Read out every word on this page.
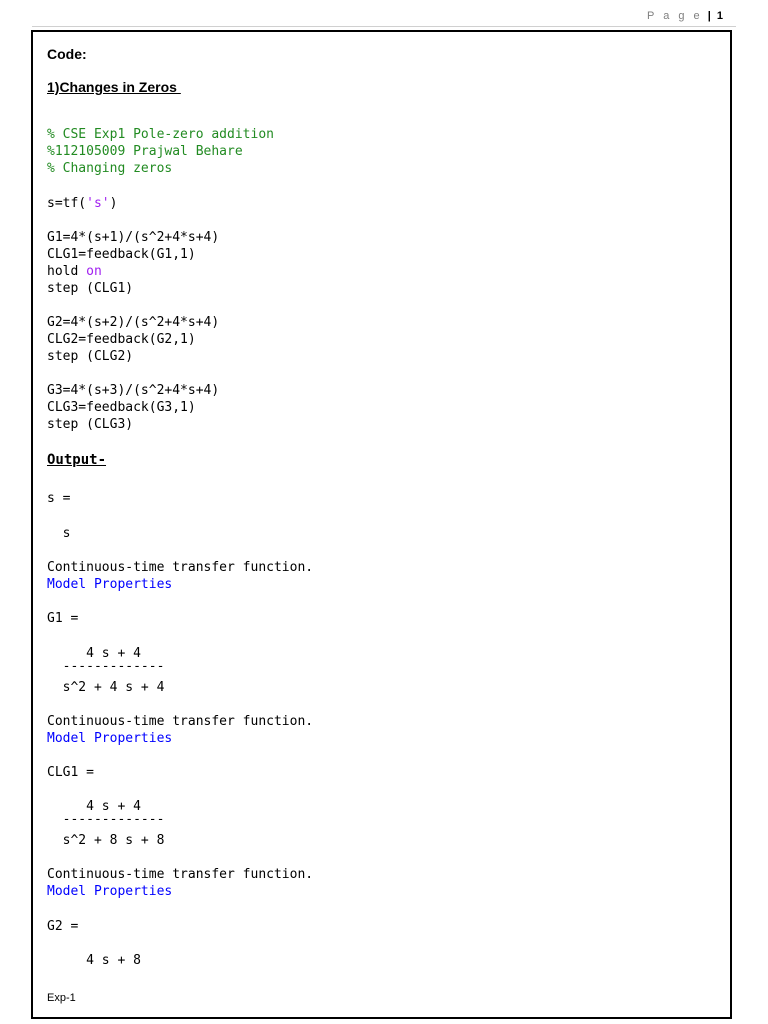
P a g e | 1
Code:
1)Changes in Zeros
% CSE Exp1 Pole-zero addition
%112105009 Prajwal Behare
% Changing zeros
s=tf('s')
G1=4*(s+1)/(s^2+4*s+4)
CLG1=feedback(G1,1)
hold on
step (CLG1)
G2=4*(s+2)/(s^2+4*s+4)
CLG2=feedback(G2,1)
step (CLG2)
G3=4*(s+3)/(s^2+4*s+4)
CLG3=feedback(G3,1)
step (CLG3)
Output-
s =
s
Continuous-time transfer function.
Model Properties
G1 =
4 s + 4
-------------
s^2 + 4 s + 4
Continuous-time transfer function.
Model Properties
CLG1 =
4 s + 4
-------------
s^2 + 8 s + 8
Continuous-time transfer function.
Model Properties
G2 =
4 s + 8
Exp-1
